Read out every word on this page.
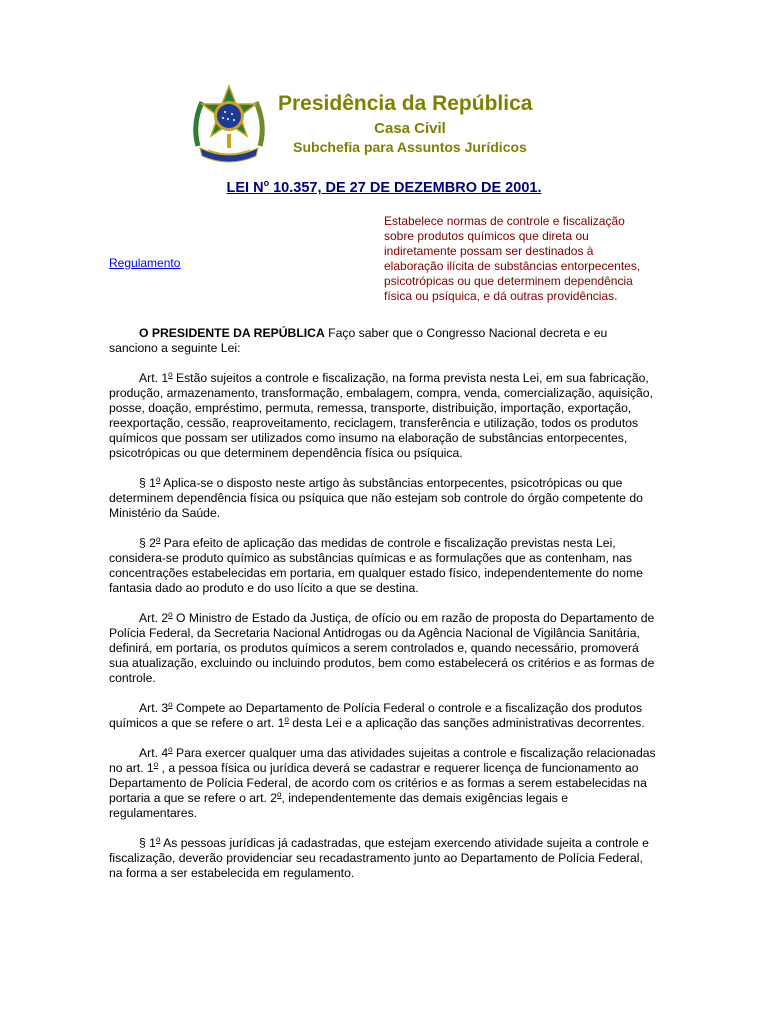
Presidência da República
Casa Civil
Subchefia para Assuntos Jurídicos
LEI $N^o$ 10.357, DE 27 DE DEZEMBRO DE 2001.
Regulamento
Estabelece normas de controle e fiscalização sobre produtos químicos que direta ou indiretamente possam ser destinados à elaboração ilícita de substâncias entorpecentes, psicotrópicas ou que determinem dependência física ou psíquica, e dá outras providências.

O PRESIDENTE DA REPÚBLICA Faço saber que o Congresso Nacional decreta e eu sanciono a seguinte Lei:

Art. 1$^o$ Estão sujeitos a controle e fiscalização, na forma prevista nesta Lei, em sua fabricação, produção, armazenamento, transformação, embalagem, compra, venda, comercialização, aquisição, posse, doação, empréstimo, permuta, remessa, transporte, distribuição, importação, exportação, reexportação, cessão, reaproveitamento, reciclagem, transferência e utilização, todos os produtos químicos que possam ser utilizados como insumo na elaboração de substâncias entorpecentes, psicotrópicas ou que determinem dependência física ou psíquica.

§ 1$^o$ Aplica-se o disposto neste artigo às substâncias entorpecentes, psicotrópicas ou que determinem dependência física ou psíquica que não estejam sob controle do órgão competente do Ministério da Saúde.

§ 2$^o$ Para efeito de aplicação das medidas de controle e fiscalização previstas nesta Lei, considera-se produto químico as substâncias químicas e as formulações que as contenham, nas concentrações estabelecidas em portaria, em qualquer estado físico, independentemente do nome fantasia dado ao produto e do uso lícito a que se destina.

Art. 2$^o$ O Ministro de Estado da Justiça, de ofício ou em razão de proposta do Departamento de Polícia Federal, da Secretaria Nacional Antidrogas ou da Agência Nacional de Vigilância Sanitária, definirá, em portaria, os produtos químicos a serem controlados e, quando necessário, promoverá sua atualização, excluindo ou incluindo produtos, bem como estabelecerá os critérios e as formas de controle.

Art. 3$^o$ Compete ao Departamento de Polícia Federal o controle e a fiscalização dos produtos químicos a que se refere o art. 1$^o$ desta Lei e a aplicação das sanções administrativas decorrentes.

Art. 4$^o$ Para exercer qualquer uma das atividades sujeitas a controle e fiscalização relacionadas no art. 1$^o$ , a pessoa física ou jurídica deverá se cadastrar e requerer licença de funcionamento ao Departamento de Polícia Federal, de acordo com os critérios e as formas a serem estabelecidas na portaria a que se refere o art. 2$^o$, independentemente das demais exigências legais e regulamentares.

§ 1$^o$ As pessoas jurídicas já cadastradas, que estejam exercendo atividade sujeita a controle e fiscalização, deverão providenciar seu recadastramento junto ao Departamento de Polícia Federal, na forma a ser estabelecida em regulamento.
